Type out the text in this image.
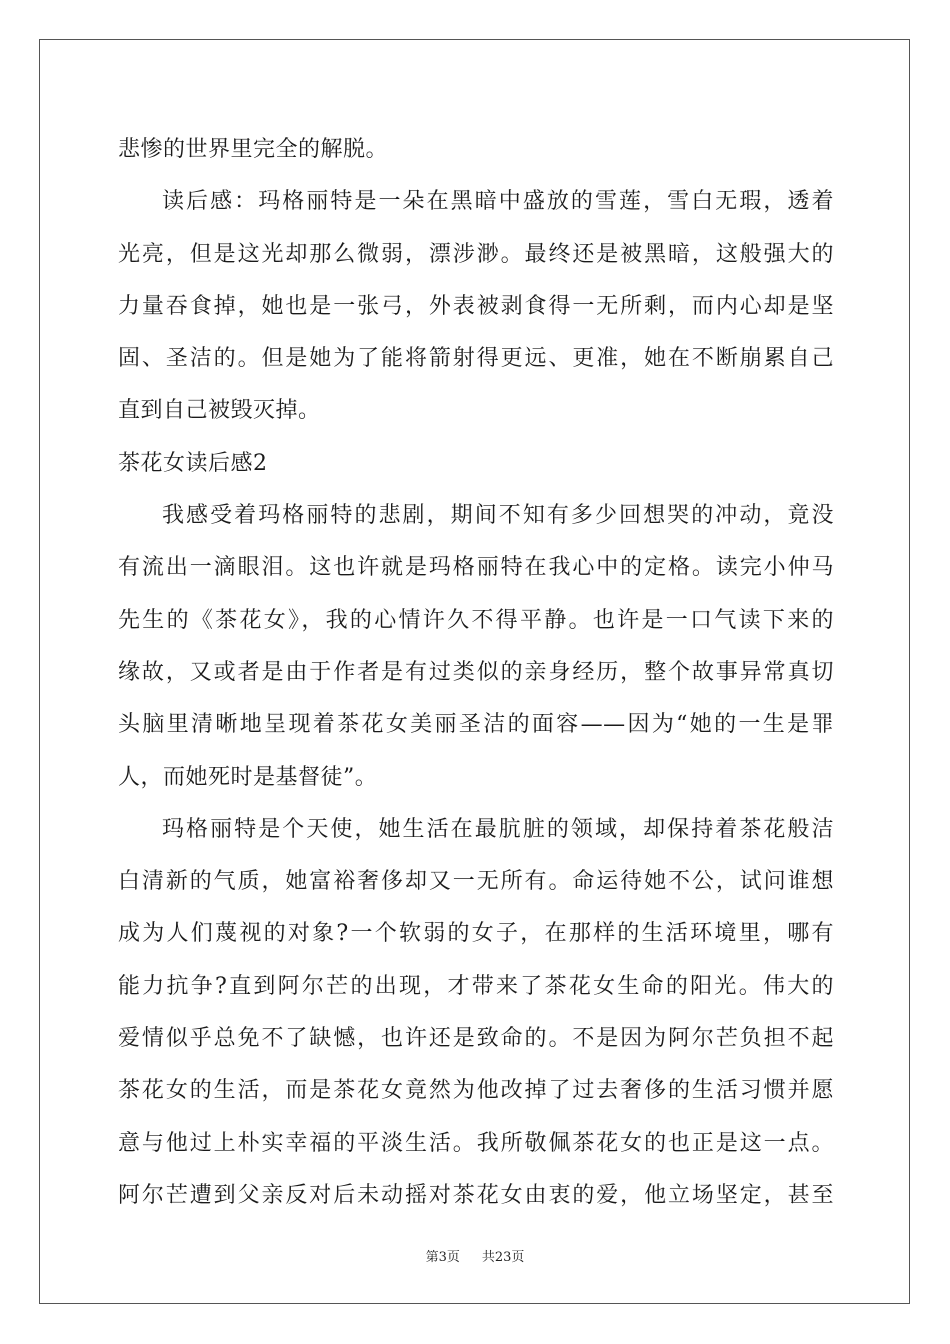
悲惨的世界里完全的解脱。
读后感：玛格丽特是一朵在黑暗中盛放的雪莲，雪白无瑕，透着
光亮，但是这光却那么微弱，漂涉渺。最终还是被黑暗，这般强大的
力量吞食掉，她也是一张弓，外表被剥食得一无所剩，而内心却是坚
固、圣洁的。但是她为了能将箭射得更远、更准，她在不断崩累自己
直到自己被毁灭掉。
茶花女读后感2
我感受着玛格丽特的悲剧，期间不知有多少回想哭的冲动，竟没
有流出一滴眼泪。这也许就是玛格丽特在我心中的定格。读完小仲马
先生的《茶花女》，我的心情许久不得平静。也许是一口气读下来的
缘故，又或者是由于作者是有过类似的亲身经历，整个故事异常真切
头脑里清晰地呈现着茶花女美丽圣洁的面容——因为“她的一生是罪
人，而她死时是基督徒”。
玛格丽特是个天使，她生活在最肮脏的领域，却保持着茶花般洁
白清新的气质，她富裕奢侈却又一无所有。命运待她不公，试问谁想
成为人们蔑视的对象?一个软弱的女子，在那样的生活环境里，哪有
能力抗争?直到阿尔芒的出现，才带来了茶花女生命的阳光。伟大的
爱情似乎总免不了缺憾，也许还是致命的。不是因为阿尔芒负担不起
茶花女的生活，而是茶花女竟然为他改掉了过去奢侈的生活习惯并愿
意与他过上朴实幸福的平淡生活。我所敬佩茶花女的也正是这一点。
阿尔芒遭到父亲反对后未动摇对茶花女由衷的爱，他立场坚定，甚至
第3页 共23页
